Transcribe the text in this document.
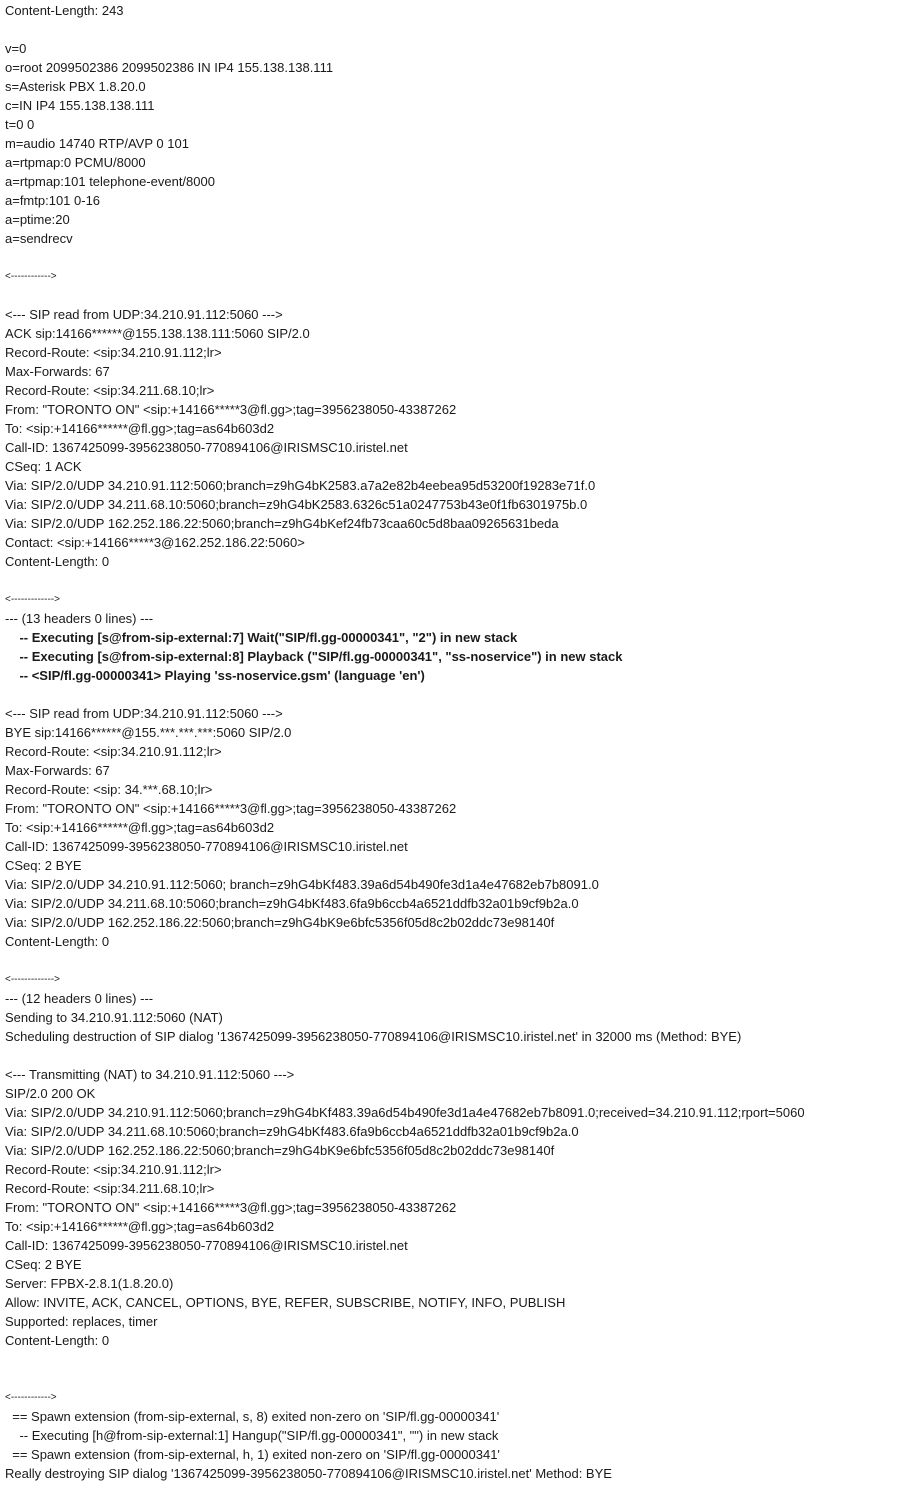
Content-Length: 243
v=0
o=root 2099502386 2099502386 IN IP4 155.138.138.111
s=Asterisk PBX 1.8.20.0
c=IN IP4 155.138.138.111
t=0 0
m=audio 14740 RTP/AVP 0 101
a=rtpmap:0 PCMU/8000
a=rtpmap:101 telephone-event/8000
a=fmtp:101 0-16
a=ptime:20
a=sendrecv
<------------>
<--- SIP read from UDP:34.210.91.112:5060 --->
ACK sip:14166******@155.138.138.111:5060 SIP/2.0
Record-Route: <sip:34.210.91.112;lr>
Max-Forwards: 67
Record-Route: <sip:34.211.68.10;lr>
From: "TORONTO ON" <sip:+14166*****3@fl.gg>;tag=3956238050-43387262
To: <sip:+14166******@fl.gg>;tag=as64b603d2
Call-ID: 1367425099-3956238050-770894106@IRISMSC10.iristel.net
CSeq: 1 ACK
Via: SIP/2.0/UDP 34.210.91.112:5060;branch=z9hG4bK2583.a7a2e82b4eebea95d53200f19283e71f.0
Via: SIP/2.0/UDP 34.211.68.10:5060;branch=z9hG4bK2583.6326c51a0247753b43e0f1fb6301975b.0
Via: SIP/2.0/UDP 162.252.186.22:5060;branch=z9hG4bKef24fb73caa60c5d8baa09265631beda
Contact: <sip:+14166*****3@162.252.186.22:5060>
Content-Length: 0
<------------->
--- (13 headers 0 lines) ---
-- Executing [s@from-sip-external:7] Wait("SIP/fl.gg-00000341", "2") in new stack
-- Executing [s@from-sip-external:8] Playback ("SIP/fl.gg-00000341", "ss-noservice") in new stack
-- <SIP/fl.gg-00000341> Playing 'ss-noservice.gsm' (language 'en')
<--- SIP read from UDP:34.210.91.112:5060 --->
BYE sip:14166******@155.***.***.***:5060 SIP/2.0
Record-Route: <sip:34.210.91.112;lr>
Max-Forwards: 67
Record-Route: <sip: 34.***.68.10;lr>
From: "TORONTO ON" <sip:+14166*****3@fl.gg>;tag=3956238050-43387262
To: <sip:+14166******@fl.gg>;tag=as64b603d2
Call-ID: 1367425099-3956238050-770894106@IRISMSC10.iristel.net
CSeq: 2 BYE
Via: SIP/2.0/UDP 34.210.91.112:5060; branch=z9hG4bKf483.39a6d54b490fe3d1a4e47682eb7b8091.0
Via: SIP/2.0/UDP 34.211.68.10:5060;branch=z9hG4bKf483.6fa9b6ccb4a6521ddfb32a01b9cf9b2a.0
Via: SIP/2.0/UDP 162.252.186.22:5060;branch=z9hG4bK9e6bfc5356f05d8c2b02ddc73e98140f
Content-Length: 0
<------------->
--- (12 headers 0 lines) ---
Sending to 34.210.91.112:5060 (NAT)
Scheduling destruction of SIP dialog '1367425099-3956238050-770894106@IRISMSC10.iristel.net' in 32000 ms (Method: BYE)
<--- Transmitting (NAT) to 34.210.91.112:5060 --->
SIP/2.0 200 OK
Via: SIP/2.0/UDP 34.210.91.112:5060;branch=z9hG4bKf483.39a6d54b490fe3d1a4e47682eb7b8091.0;received=34.210.91.112;rport=5060
Via: SIP/2.0/UDP 34.211.68.10:5060;branch=z9hG4bKf483.6fa9b6ccb4a6521ddfb32a01b9cf9b2a.0
Via: SIP/2.0/UDP 162.252.186.22:5060;branch=z9hG4bK9e6bfc5356f05d8c2b02ddc73e98140f
Record-Route: <sip:34.210.91.112;lr>
Record-Route: <sip:34.211.68.10;lr>
From: "TORONTO ON" <sip:+14166*****3@fl.gg>;tag=3956238050-43387262
To: <sip:+14166******@fl.gg>;tag=as64b603d2
Call-ID: 1367425099-3956238050-770894106@IRISMSC10.iristel.net
CSeq: 2 BYE
Server: FPBX-2.8.1(1.8.20.0)
Allow: INVITE, ACK, CANCEL, OPTIONS, BYE, REFER, SUBSCRIBE, NOTIFY, INFO, PUBLISH
Supported: replaces, timer
Content-Length: 0
<------------>
== Spawn extension (from-sip-external, s, 8) exited non-zero on 'SIP/fl.gg-00000341'
-- Executing [h@from-sip-external:1] Hangup("SIP/fl.gg-00000341", "") in new stack
== Spawn extension (from-sip-external, h, 1) exited non-zero on 'SIP/fl.gg-00000341'
Really destroying SIP dialog '1367425099-3956238050-770894106@IRISMSC10.iristel.net' Method: BYE
